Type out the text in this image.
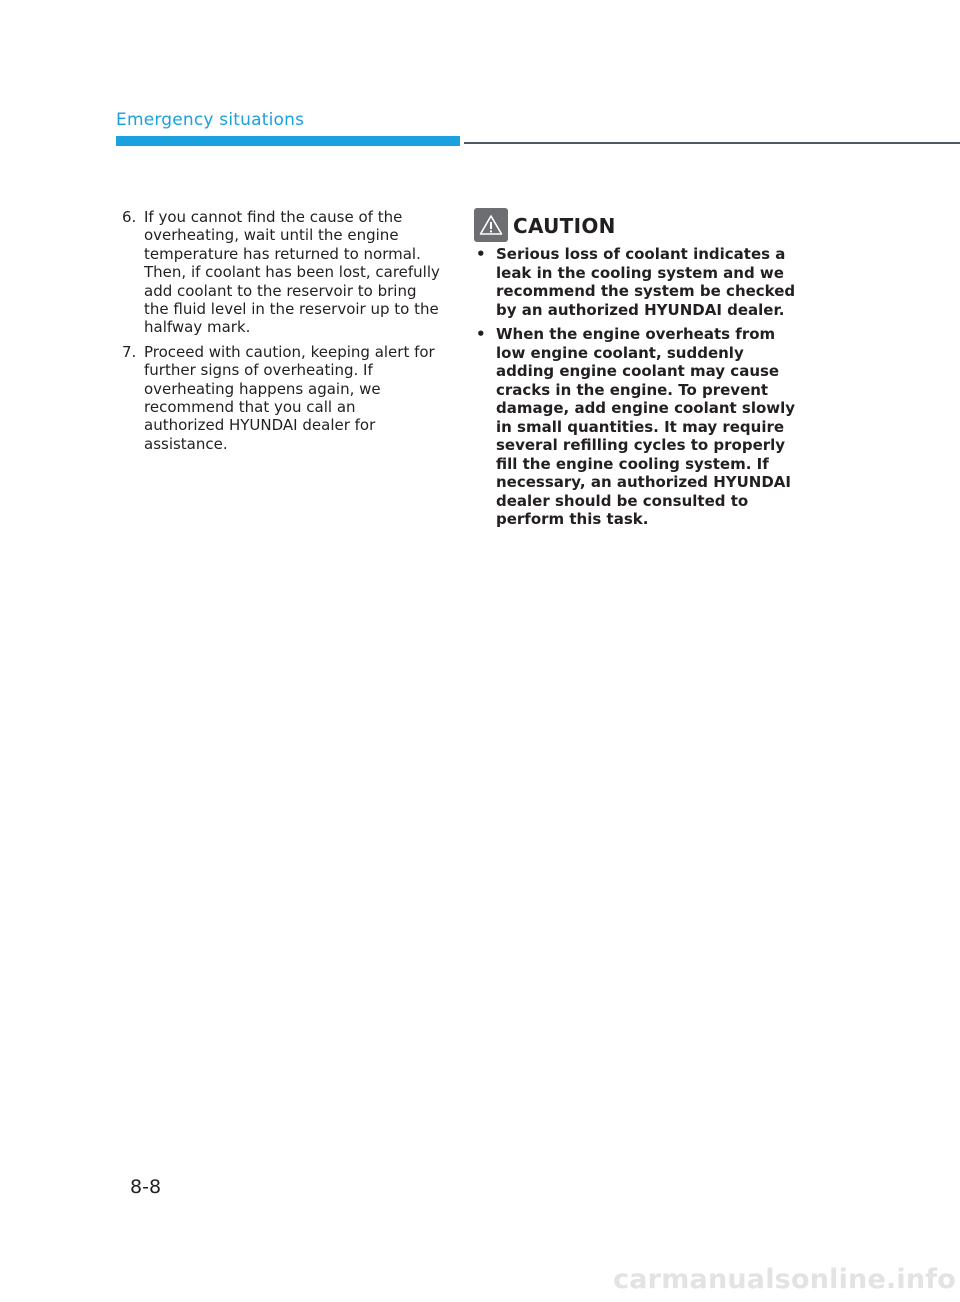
Emergency situations
6. If you cannot find the cause of the overheating, wait until the engine temperature has returned to normal. Then, if coolant has been lost, carefully add coolant to the reservoir to bring the fluid level in the reservoir up to the halfway mark.
7. Proceed with caution, keeping alert for further signs of overheating. If overheating happens again, we recommend that you call an authorized HYUNDAI dealer for assistance.
CAUTION
• Serious loss of coolant indicates a leak in the cooling system and we recommend the system be checked by an authorized HYUNDAI dealer.
• When the engine overheats from low engine coolant, suddenly adding engine coolant may cause cracks in the engine. To prevent damage, add engine coolant slowly in small quantities. It may require several refilling cycles to properly fill the engine cooling system. If necessary, an authorized HYUNDAI dealer should be consulted to perform this task.
8-8
carmanualsonline.info
